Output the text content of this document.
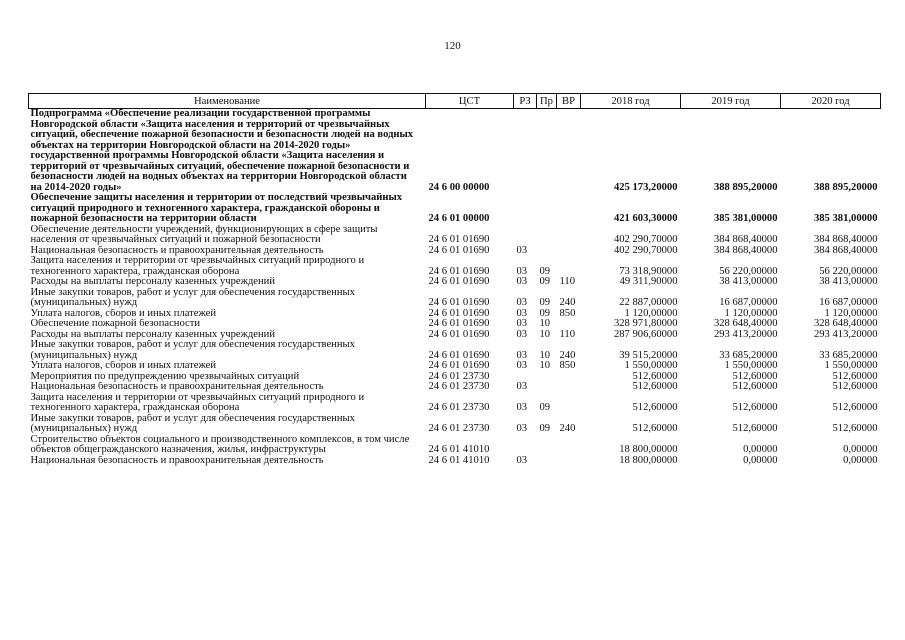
120
Наименование	ЦСТ	РЗ	Пр	ВР	2018 год	2019 год	2020 год
Подпрограмма «Обеспечение реализации государственной программы Новгородской области «Защита населения и территорий от чрезвычайных ситуаций, обеспечение пожарной безопасности и безопасности людей на водных объектах на территории Новгородской области на 2014-2020 годы» государственной программы Новгородской области «Защита населения и территорий от чрезвычайных ситуаций, обеспечение пожарной безопасности и безопасности людей на водных объектах на территории Новгородской области на 2014-2020 годы»	24 6 00 00000				425 173,20000	388 895,20000	388 895,20000
Обеспечение защиты населения и территории от последствий чрезвычайных ситуаций природного и техногенного характера, гражданской обороны и пожарной безопасности на территории области	24 6 01 00000				421 603,30000	385 381,00000	385 381,00000
Обеспечение деятельности учреждений, функционирующих в сфере защиты населения от чрезвычайных ситуаций и пожарной безопасности	24 6 01 01690				402 290,70000	384 868,40000	384 868,40000
Национальная безопасность и правоохранительная деятельность	24 6 01 01690	03			402 290,70000	384 868,40000	384 868,40000
Защита населения и территории от чрезвычайных ситуаций природного и техногенного характера, гражданская оборона	24 6 01 01690	03	09		73 318,90000	56 220,00000	56 220,00000
Расходы на выплаты персоналу казенных учреждений	24 6 01 01690	03	09	110	49 311,90000	38 413,00000	38 413,00000
Иные закупки товаров, работ и услуг для обеспечения государственных (муниципальных) нужд	24 6 01 01690	03	09	240	22 887,00000	16 687,00000	16 687,00000
Уплата налогов, сборов и иных платежей	24 6 01 01690	03	09	850	1 120,00000	1 120,00000	1 120,00000
Обеспечение пожарной безопасности	24 6 01 01690	03	10		328 971,80000	328 648,40000	328 648,40000
Расходы на выплаты персоналу казенных учреждений	24 6 01 01690	03	10	110	287 906,60000	293 413,20000	293 413,20000
Иные закупки товаров, работ и услуг для обеспечения государственных (муниципальных) нужд	24 6 01 01690	03	10	240	39 515,20000	33 685,20000	33 685,20000
Уплата налогов, сборов и иных платежей	24 6 01 01690	03	10	850	1 550,00000	1 550,00000	1 550,00000
Мероприятия по предупреждению чрезвычайных ситуаций	24 6 01 23730				512,60000	512,60000	512,60000
Национальная безопасность и правоохранительная деятельность	24 6 01 23730	03			512,60000	512,60000	512,60000
Защита населения и территории от чрезвычайных ситуаций природного и техногенного характера, гражданская оборона	24 6 01 23730	03	09		512,60000	512,60000	512,60000
Иные закупки товаров, работ и услуг для обеспечения государственных (муниципальных) нужд	24 6 01 23730	03	09	240	512,60000	512,60000	512,60000
Строительство объектов социального и производственного комплексов, в том числе объектов общегражданского назначения, жилья, инфраструктуры	24 6 01 41010				18 800,00000	0,00000	0,00000
Национальная безопасность и правоохранительная деятельность	24 6 01 41010	03			18 800,00000	0,00000	0,00000
